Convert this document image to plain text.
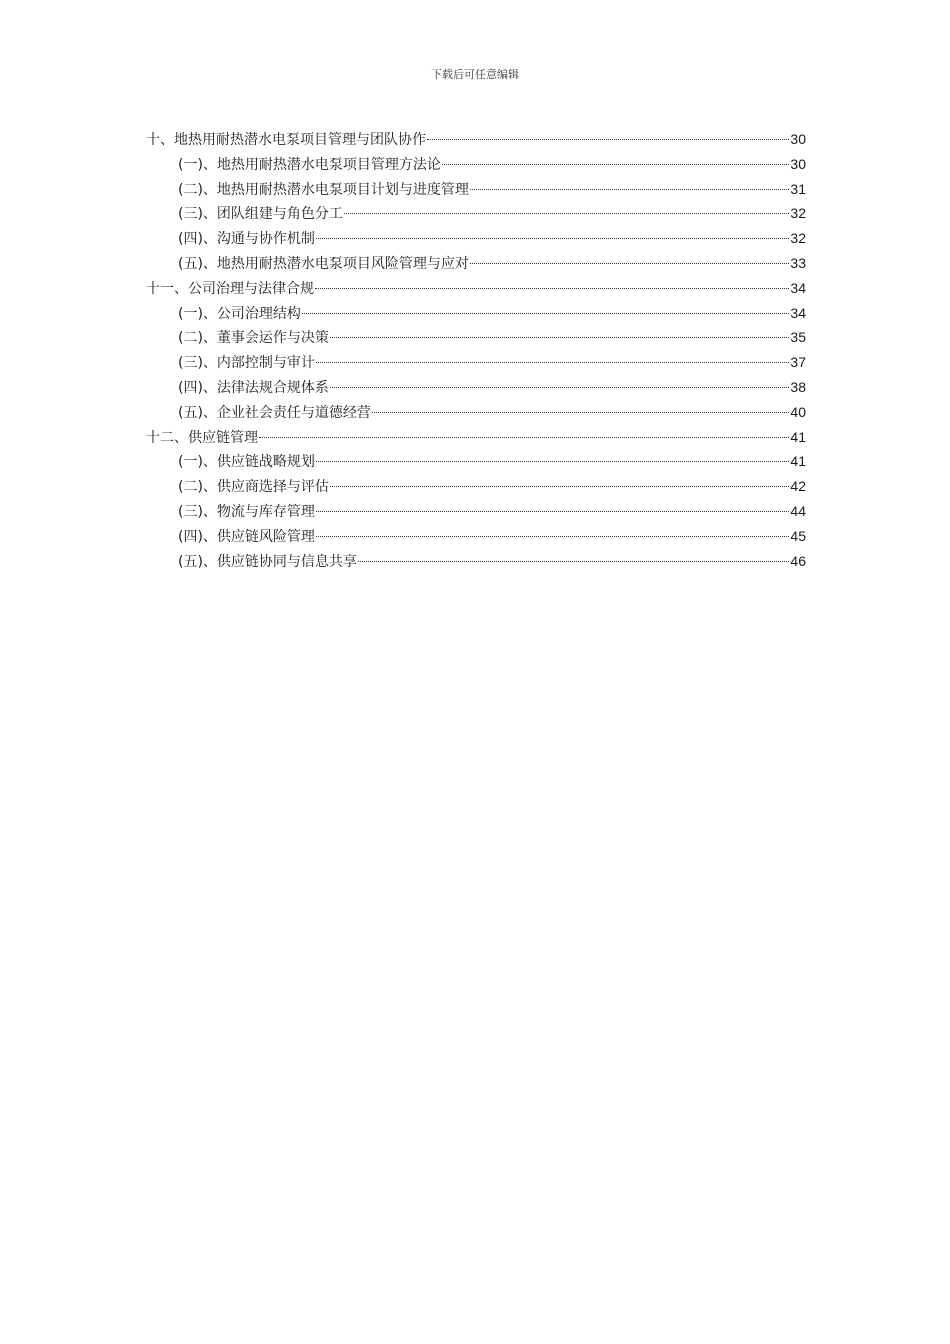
下载后可任意编辑
十、地热用耐热潜水电泵项目管理与团队协作	30
(一)、地热用耐热潜水电泵项目管理方法论	30
(二)、地热用耐热潜水电泵项目计划与进度管理	31
(三)、团队组建与角色分工	32
(四)、沟通与协作机制	32
(五)、地热用耐热潜水电泵项目风险管理与应对	33
十一、公司治理与法律合规	34
(一)、公司治理结构	34
(二)、董事会运作与决策	35
(三)、内部控制与审计	37
(四)、法律法规合规体系	38
(五)、企业社会责任与道德经营	40
十二、供应链管理	41
(一)、供应链战略规划	41
(二)、供应商选择与评估	42
(三)、物流与库存管理	44
(四)、供应链风险管理	45
(五)、供应链协同与信息共享	46
